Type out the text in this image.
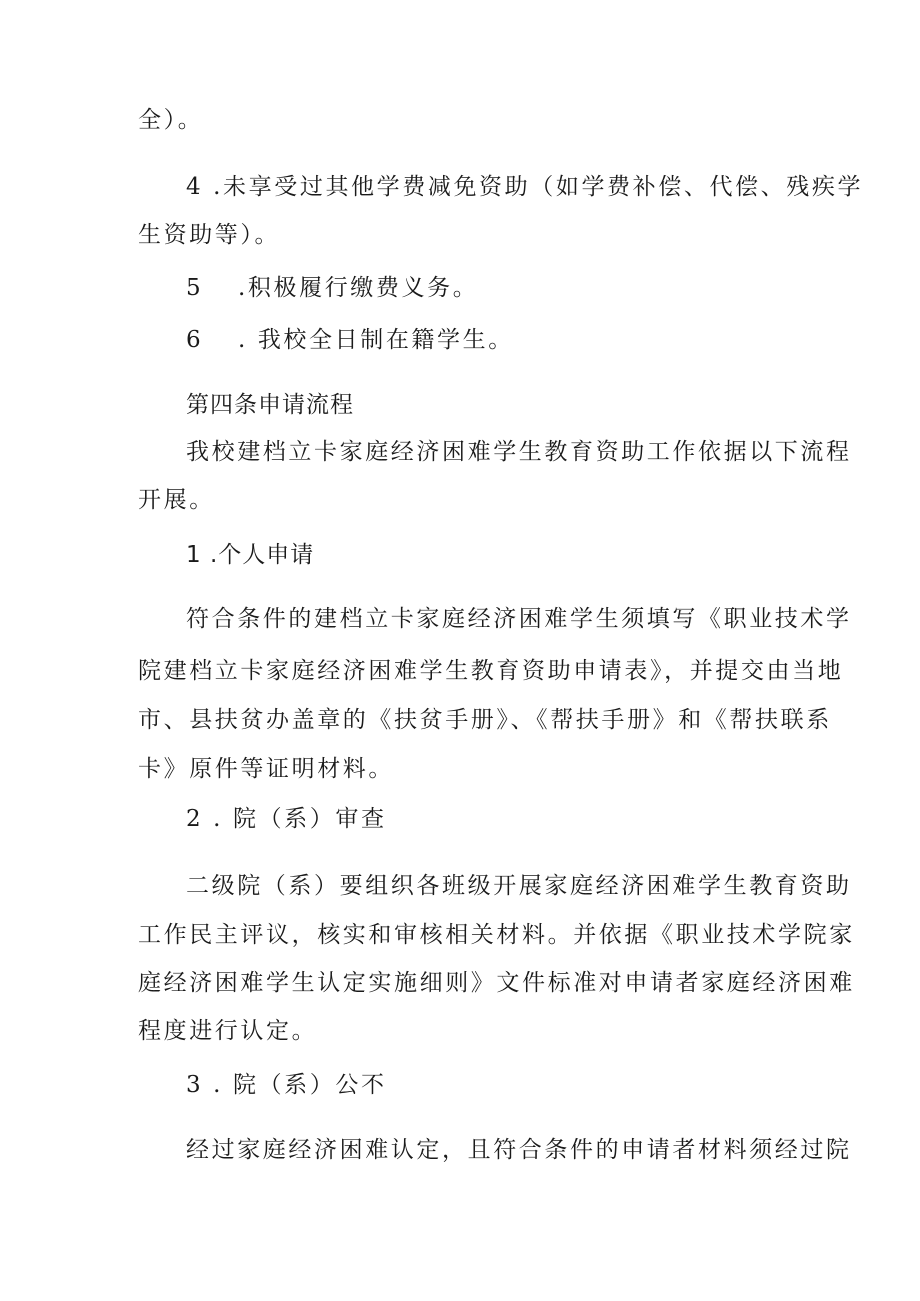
全）。
4 .未享受过其他学费减免资助（如学费补偿、代偿、残疾学
生资助等）。
5 .积极履行缴费义务。
6 . 我校全日制在籍学生。
第四条申请流程
我校建档立卡家庭经济困难学生教育资助工作依据以下流程
开展。
1 .个人申请
符合条件的建档立卡家庭经济困难学生须填写《职业技术学
院建档立卡家庭经济困难学生教育资助申请表》，并提交由当地
市、县扶贫办盖章的《扶贫手册》、《帮扶手册》和《帮扶联系
卡》原件等证明材料。
2 . 院（系）审查
二级院（系）要组织各班级开展家庭经济困难学生教育资助
工作民主评议，核实和审核相关材料。并依据《职业技术学院家
庭经济困难学生认定实施细则》文件标准对申请者家庭经济困难
程度进行认定。
3 . 院（系）公不
经过家庭经济困难认定，且符合条件的申请者材料须经过院
